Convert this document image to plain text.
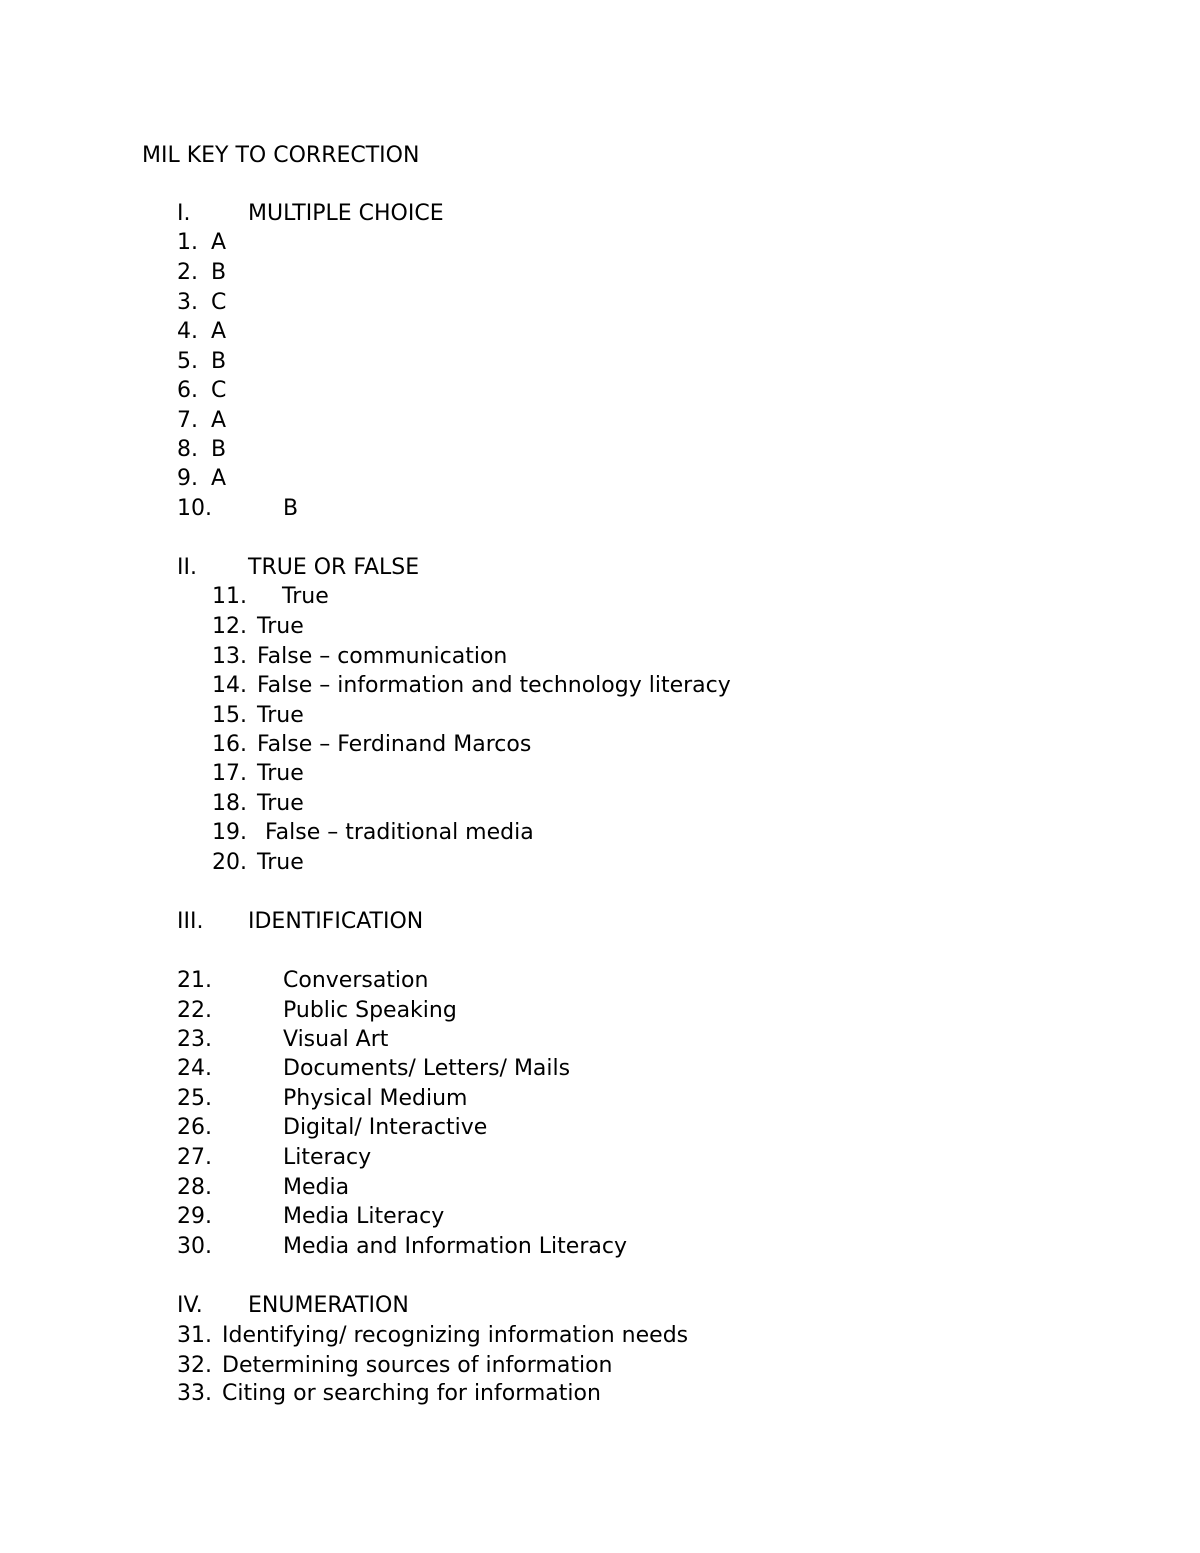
MIL KEY TO CORRECTION
I.	MULTIPLE CHOICE
1. A
2. B
3. C
4. A
5. B
6. C
7. A
8. B
9. A
10.	B
II. TRUE OR FALSE
11. True
12. True
13. False – communication
14. False – information and technology literacy
15. True
16. False – Ferdinand Marcos
17. True
18. True
19. False – traditional media
20. True
III. IDENTIFICATION
21.	Conversation
22.	Public Speaking
23.	Visual Art
24.	Documents/ Letters/ Mails
25.	Physical Medium
26.	Digital/ Interactive
27.	Literacy
28.	Media
29.	Media Literacy
30.	Media and Information Literacy
IV. ENUMERATION
31. Identifying/ recognizing information needs
32. Determining sources of information
33. Citing or searching for information
